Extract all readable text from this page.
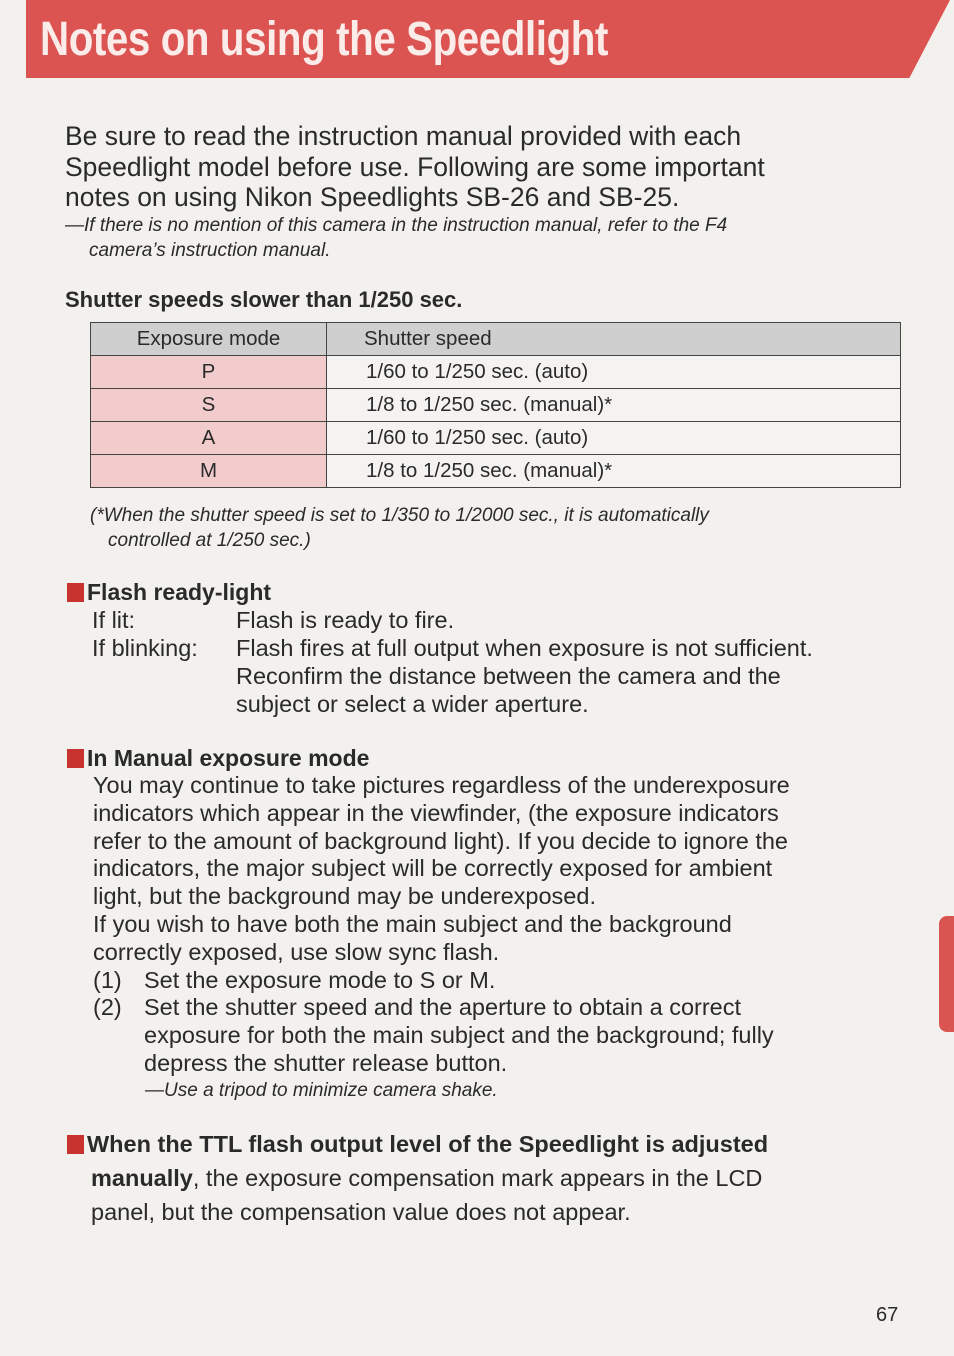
Notes on using the Speedlight
Be sure to read the instruction manual provided with each
Speedlight model before use. Following are some important
notes on using Nikon Speedlights SB-26 and SB-25.
—If there is no mention of this camera in the instruction manual, refer to the F4
camera’s instruction manual.
Shutter speeds slower than 1/250 sec.
Exposure mode	Shutter speed
P	1/60 to 1/250 sec. (auto)
S	1/8 to 1/250 sec. (manual)*
A	1/60 to 1/250 sec. (auto)
M	1/8 to 1/250 sec. (manual)*
(*When the shutter speed is set to 1/350 to 1/2000 sec., it is automatically
controlled at 1/250 sec.)
Flash ready-light
If lit:	Flash is ready to fire.
If blinking:	Flash fires at full output when exposure is not sufficient.
Reconfirm the distance between the camera and the
subject or select a wider aperture.
In Manual exposure mode
You may continue to take pictures regardless of the underexposure
indicators which appear in the viewfinder, (the exposure indicators
refer to the amount of background light). If you decide to ignore the
indicators, the major subject will be correctly exposed for ambient
light, but the background may be underexposed.
If you wish to have both the main subject and the background
correctly exposed, use slow sync flash.
(1) Set the exposure mode to S or M.
(2) Set the shutter speed and the aperture to obtain a correct
exposure for both the main subject and the background; fully
depress the shutter release button.
—Use a tripod to minimize camera shake.
When the TTL flash output level of the Speedlight is adjusted
manually, the exposure compensation mark appears in the LCD
panel, but the compensation value does not appear.
67
